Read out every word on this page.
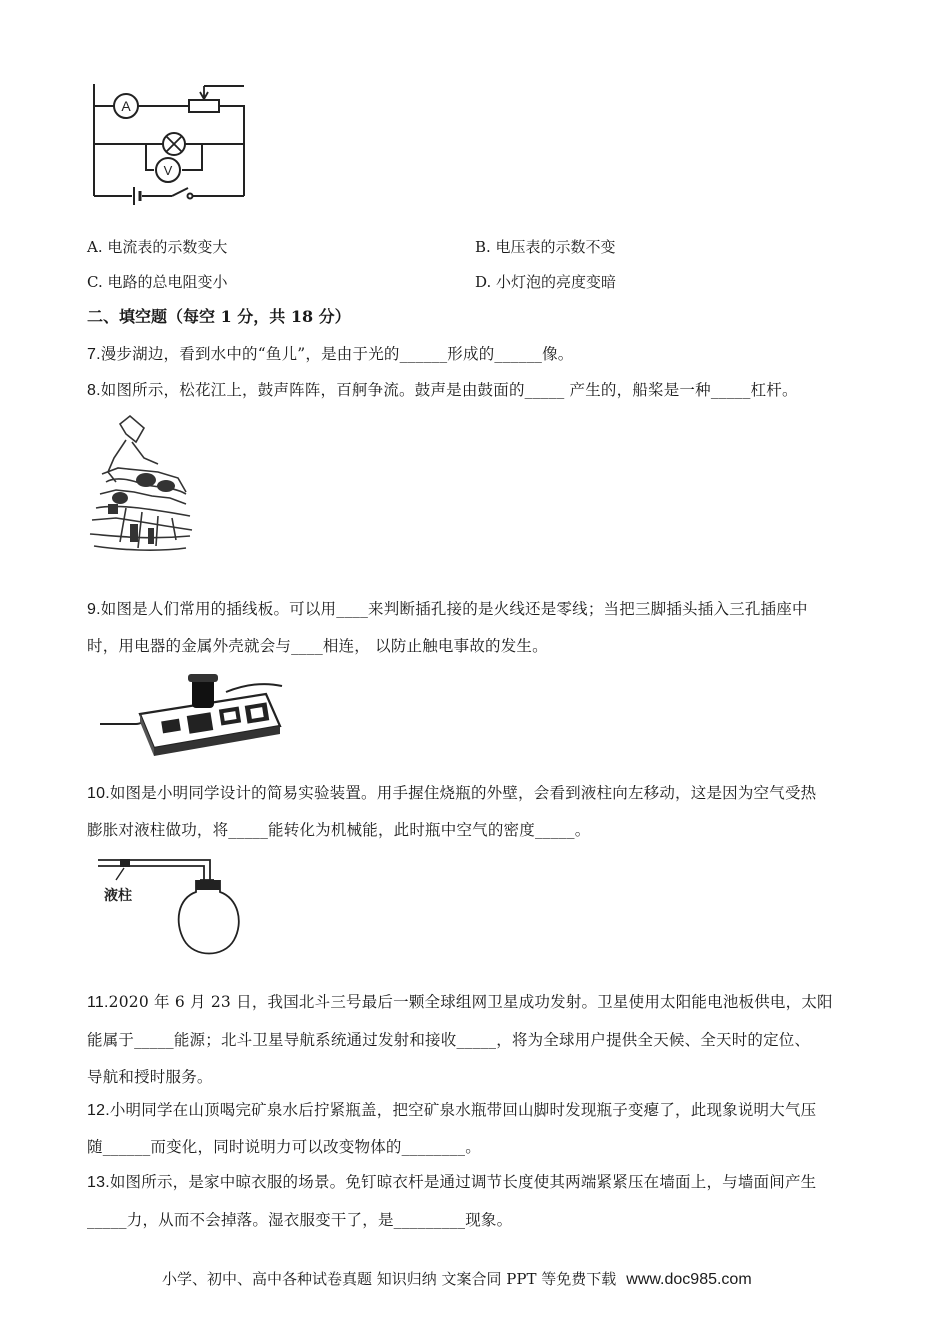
A
V
A. 电流表的示数变大	B. 电压表的示数不变
C. 电路的总电阻变小	D. 小灯泡的亮度变暗
二、填空题（每空 1 分，共 18 分）
7.漫步湖边，看到水中的“鱼儿”，是由于光的______形成的______像。
8.如图所示，松花江上，鼓声阵阵，百舸争流。鼓声是由鼓面的_____ 产生的，船桨是一种_____杠杆。
9.如图是人们常用的插线板。可以用____来判断插孔接的是火线还是零线；当把三脚插头插入三孔插座中
时，用电器的金属外壳就会与____相连， 以防止触电事故的发生。
10.如图是小明同学设计的简易实验装置。用手握住烧瓶的外壁，会看到液柱向左移动，这是因为空气受热
膨胀对液柱做功，将_____能转化为机械能，此时瓶中空气的密度_____。
液柱
11.2020 年 6 月 23 日，我国北斗三号最后一颗全球组网卫星成功发射。卫星使用太阳能电池板供电，太阳
能属于_____能源；北斗卫星导航系统通过发射和接收_____，将为全球用户提供全天候、全天时的定位、
导航和授时服务。
12.小明同学在山顶喝完矿泉水后拧紧瓶盖，把空矿泉水瓶带回山脚时发现瓶子变瘪了，此现象说明大气压
随______而变化，同时说明力可以改变物体的________。
13.如图所示，是家中晾衣服的场景。免钉晾衣杆是通过调节长度使其两端紧紧压在墙面上，与墙面间产生
_____力，从而不会掉落。湿衣服变干了，是_________现象。
小学、初中、高中各种试卷真题 知识归纳 文案合同 PPT 等免费下载 www.doc985.com
